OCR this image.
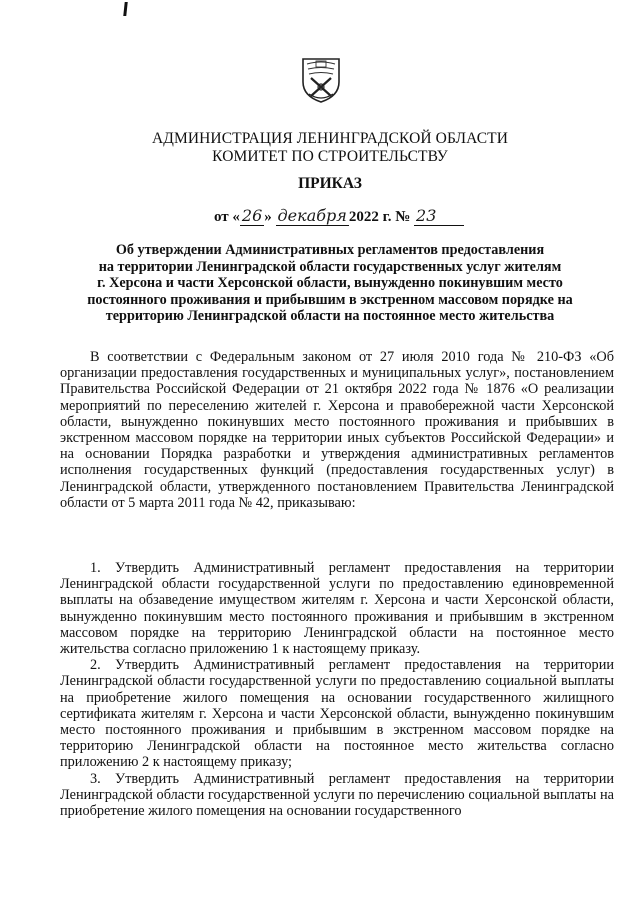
АДМИНИСТРАЦИЯ ЛЕНИНГРАДСКОЙ ОБЛАСТИ
КОМИТЕТ ПО СТРОИТЕЛЬСТВУ
ПРИКАЗ
от « 26 » декабря 2022 г. № 23
Об утверждении Административных регламентов предоставления
на территории Ленинградской области государственных услуг жителям
г. Херсона и части Херсонской области, вынужденно покинувшим место
постоянного проживания и прибывшим в экстренном массовом порядке на
территорию Ленинградской области на постоянное место жительства
В соответствии с Федеральным законом от 27 июля 2010 года № 210-ФЗ «Об организации предоставления государственных и муниципальных услуг», постановлением Правительства Российской Федерации от 21 октября 2022 года № 1876 «О реализации мероприятий по переселению жителей г. Херсона и правобережной части Херсонской области, вынужденно покинувших место постоянного проживания и прибывших в экстренном массовом порядке на территории иных субъектов Российской Федерации» и на основании Порядка разработки и утверждения административных регламентов исполнения государственных функций (предоставления государственных услуг) в Ленинградской области, утвержденного постановлением Правительства Ленинградской области от 5 марта 2011 года № 42, приказываю:

1. Утвердить Административный регламент предоставления на территории Ленинградской области государственной услуги по предоставлению единовременной выплаты на обзаведение имуществом жителям г. Херсона и части Херсонской области, вынужденно покинувшим место постоянного проживания и прибывшим в экстренном массовом порядке на территорию Ленинградской области на постоянное место жительства согласно приложению 1 к настоящему приказу.

2. Утвердить Административный регламент предоставления на территории Ленинградской области государственной услуги по предоставлению социальной выплаты на приобретение жилого помещения на основании государственного жилищного сертификата жителям г. Херсона и части Херсонской области, вынужденно покинувшим место постоянного проживания и прибывшим в экстренном массовом порядке на территорию Ленинградской области на постоянное место жительства согласно приложению 2 к настоящему приказу;

3. Утвердить Административный регламент предоставления на территории Ленинградской области государственной услуги по перечислению социальной выплаты на приобретение жилого помещения на основании государственного
